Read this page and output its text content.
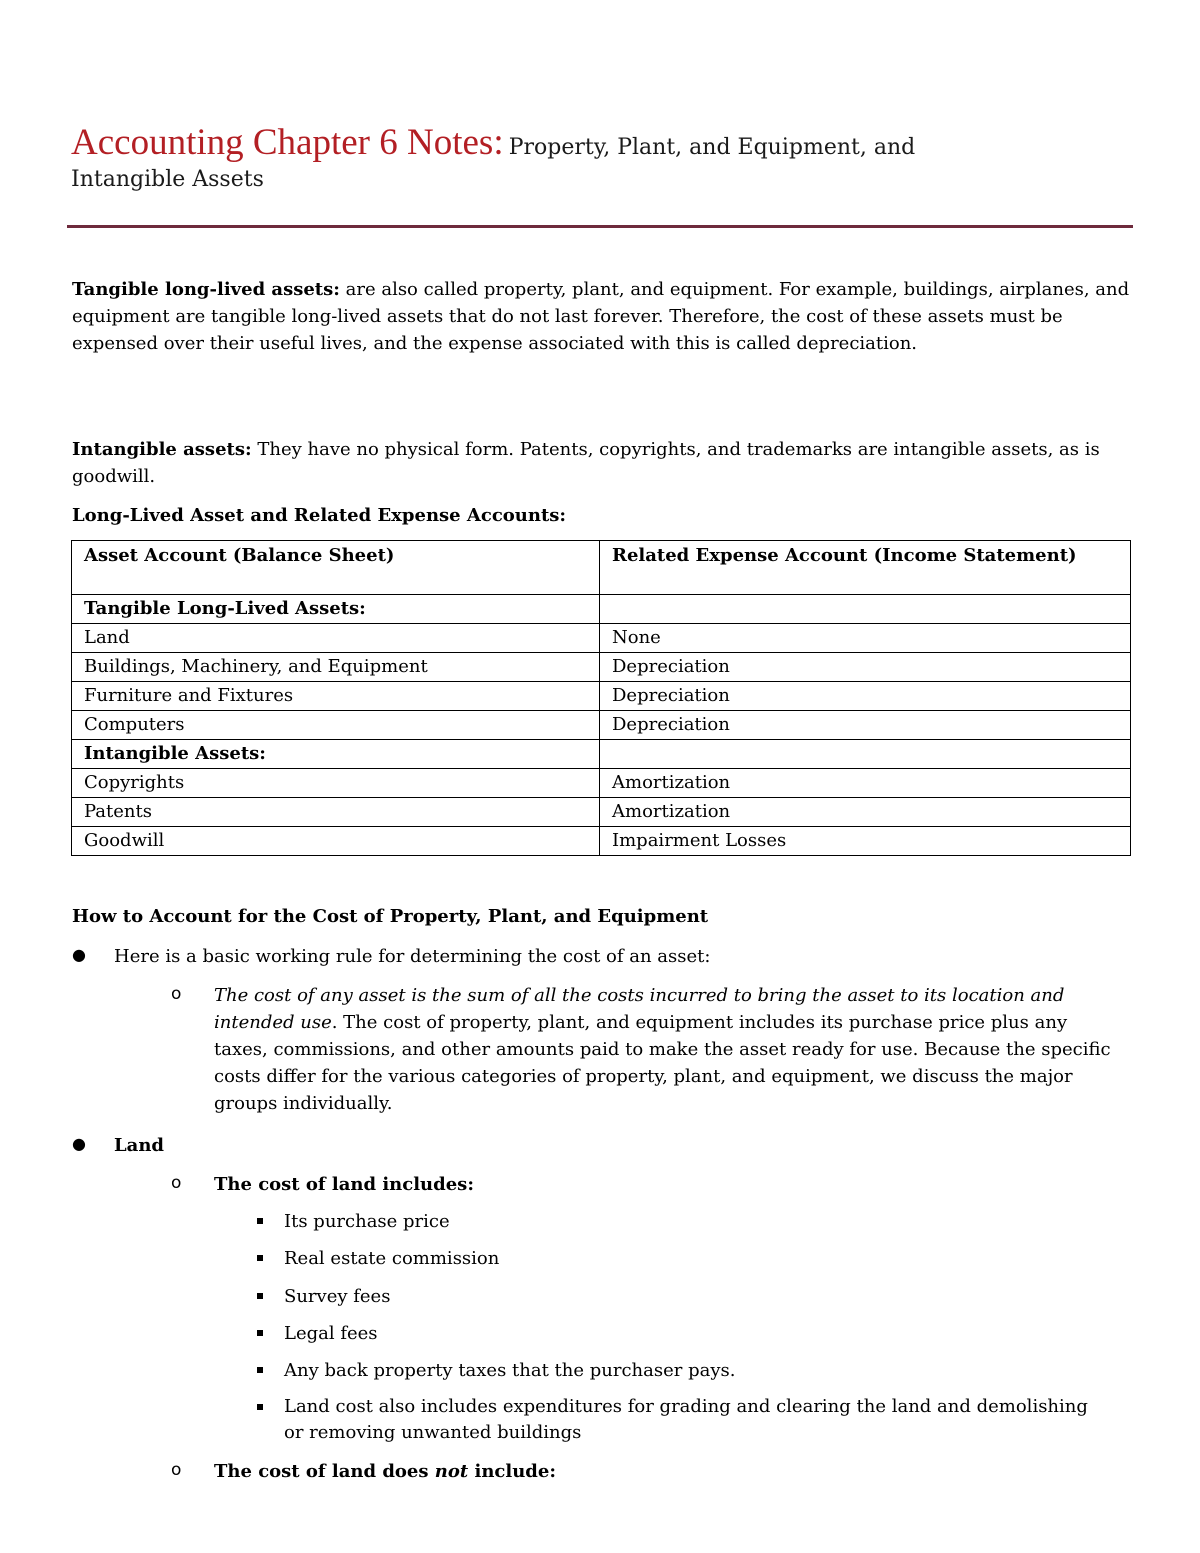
Accounting Chapter 6 Notes: Property, Plant, and Equipment, and
Intangible Assets
Tangible long-lived assets: are also called property, plant, and equipment. For example, buildings, airplanes, and equipment are tangible long-lived assets that do not last forever. Therefore, the cost of these assets must be expensed over their useful lives, and the expense associated with this is called depreciation.
Intangible assets: They have no physical form. Patents, copyrights, and trademarks are intangible assets, as is goodwill.
Long-Lived Asset and Related Expense Accounts:
Asset Account (Balance Sheet)	Related Expense Account (Income Statement)
Tangible Long-Lived Assets:	
Land	None
Buildings, Machinery, and Equipment	Depreciation
Furniture and Fixtures	Depreciation
Computers	Depreciation
Intangible Assets:	
Copyrights	Amortization
Patents	Amortization
Goodwill	Impairment Losses
How to Account for the Cost of Property, Plant, and Equipment
● Here is a basic working rule for determining the cost of an asset:
o The cost of any asset is the sum of all the costs incurred to bring the asset to its location and intended use. The cost of property, plant, and equipment includes its purchase price plus any taxes, commissions, and other amounts paid to make the asset ready for use. Because the specific costs differ for the various categories of property, plant, and equipment, we discuss the major groups individually.
● Land
o The cost of land includes:
Its purchase price
Real estate commission
Survey fees
Legal fees
Any back property taxes that the purchaser pays.
Land cost also includes expenditures for grading and clearing the land and demolishing or removing unwanted buildings
o The cost of land does not include:
